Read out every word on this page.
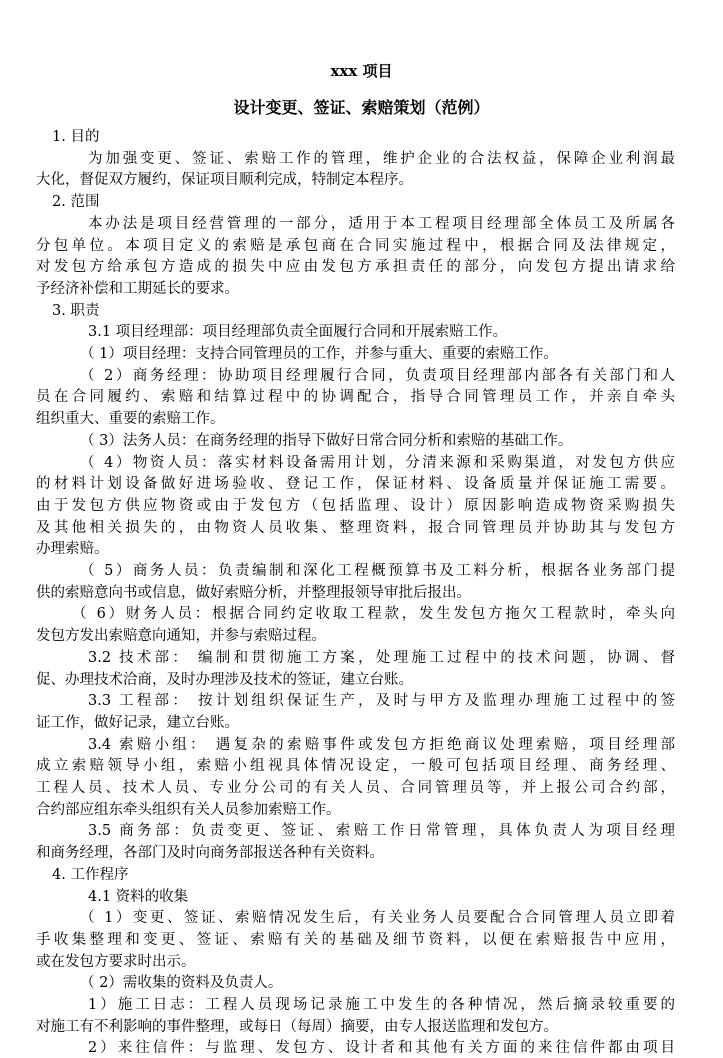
xxx 项目
设计变更、签证、索赔策划（范例）
1. 目的
为加强变更、签证、索赔工作的管理，维护企业的合法权益，保障企业利润最
大化，督促双方履约，保证项目顺利完成，特制定本程序。
2. 范围
本办法是项目经营管理的一部分，适用于本工程项目经理部全体员工及所属各
分包单位。本项目定义的索赔是承包商在合同实施过程中，根据合同及法律规定，
对发包方给承包方造成的损失中应由发包方承担责任的部分，向发包方提出请求给
予经济补偿和工期延长的要求。
3. 职责
3.1 项目经理部：项目经理部负责全面履行合同和开展索赔工作。
（ 1）项目经理：支持合同管理员的工作，并参与重大、重要的索赔工作。
（ 2）商务经理：协助项目经理履行合同，负责项目经理部内部各有关部门和人
员在合同履约、索赔和结算过程中的协调配合，指导合同管理员工作，并亲自牵头
组织重大、重要的索赔工作。
（ 3）法务人员：在商务经理的指导下做好日常合同分析和索赔的基础工作。
（ 4）物资人员：落实材料设备需用计划，分清来源和采购渠道，对发包方供应
的材料计划设备做好进场验收、登记工作，保证材料、设备质量并保证施工需要。
由于发包方供应物资或由于发包方（包括监理、设计）原因影响造成物资采购损失
及其他相关损失的，由物资人员收集、整理资料，报合同管理员并协助其与发包方
办理索赔。
（ 5）商务人员：负责编制和深化工程概预算书及工料分析，根据各业务部门提
供的索赔意向书或信息，做好索赔分析，并整理报领导审批后报出。
（ 6）财务人员：根据合同约定收取工程款，发生发包方拖欠工程款时，牵头向
发包方发出索赔意向通知，并参与索赔过程。
3.2 技术部： 编制和贯彻施工方案，处理施工过程中的技术问题，协调、督
促、办理技术洽商，及时办理涉及技术的签证，建立台账。
3.3 工程部： 按计划组织保证生产，及时与甲方及监理办理施工过程中的签
证工作，做好记录，建立台账。
3.4 索赔小组： 遇复杂的索赔事件或发包方拒绝商议处理索赔，项目经理部
成立索赔领导小组，索赔小组视具体情况设定，一般可包括项目经理、商务经理、
工程人员、技术人员、专业分公司的有关人员、合同管理员等，并上报公司合约部，
合约部应组东牵头组织有关人员参加索赔工作。
3.5 商务部：负责变更、签证、索赔工作日常管理，具体负责人为项目经理
和商务经理，各部门及时向商务部报送各种有关资料。
4. 工作程序
4.1 资料的收集
（ 1）变更、签证、索赔情况发生后，有关业务人员要配合合同管理人员立即着
手收集整理和变更、签证、索赔有关的基础及细节资料，以便在索赔报告中应用，
或在发包方要求时出示。
（ 2）需收集的资料及负责人。
1）施工日志：工程人员现场记录施工中发生的各种情况，然后摘录较重要的
对施工有不利影响的事件整理，或每日（每周）摘要，由专人报送监理和发包方。
2）来往信件：与监理、发包方、设计者和其他有关方面的来往信件都由项目
